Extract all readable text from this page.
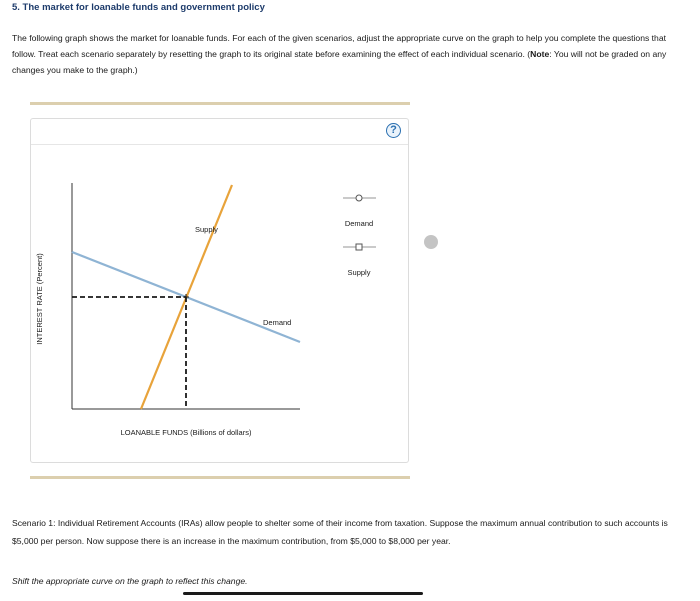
5. The market for loanable funds and government policy
The following graph shows the market for loanable funds. For each of the given scenarios, adjust the appropriate curve on the graph to help you complete the questions that follow. Treat each scenario separately by resetting the graph to its original state before examining the effect of each individual scenario. (Note: You will not be graded on any changes you make to the graph.)
?
INTEREST RATE (Percent)
LOANABLE FUNDS (Billions of dollars)
Supply
Demand
Demand
Supply
Scenario 1: Individual Retirement Accounts (IRAs) allow people to shelter some of their income from taxation. Suppose the maximum annual contribution to such accounts is $5,000 per person. Now suppose there is an increase in the maximum contribution, from $5,000 to $8,000 per year.
Shift the appropriate curve on the graph to reflect this change.
